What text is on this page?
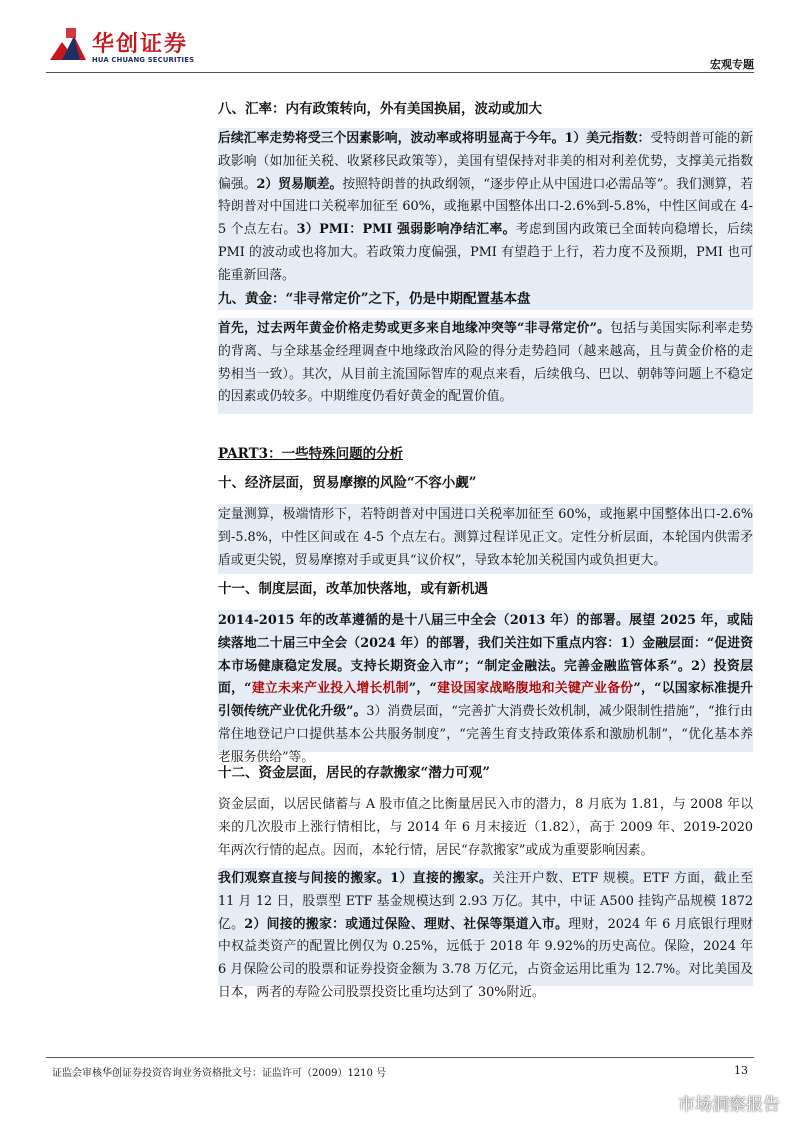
华创证券
HUA CHUANG SECURITIES	宏观专题
八、汇率：内有政策转向，外有美国换届，波动或加大

后续汇率走势将受三个因素影响，波动率或将明显高于今年。1）美元指数：受特朗普可能的新政影响（如加征关税、收紧移民政策等），美国有望保持对非美的相对利差优势，支撑美元指数偏强。2）贸易顺差。按照特朗普的执政纲领，“逐步停止从中国进口必需品等”。我们测算，若特朗普对中国进口关税率加征至 60%，或拖累中国整体出口-2.6%到-5.8%，中性区间或在 4-5 个点左右。3）PMI：PMI 强弱影响净结汇率。考虑到国内政策已全面转向稳增长，后续 PMI 的波动或也将加大。若政策力度偏强，PMI 有望趋于上行，若力度不及预期，PMI 也可能重新回落。

九、黄金：“非寻常定价”之下，仍是中期配置基本盘

首先，过去两年黄金价格走势或更多来自地缘冲突等“非寻常定价”。包括与美国实际利率走势的背离、与全球基金经理调查中地缘政治风险的得分走势趋同（越来越高，且与黄金价格的走势相当一致）。其次，从目前主流国际智库的观点来看，后续俄乌、巴以、朝韩等问题上不稳定的因素或仍较多。中期维度仍看好黄金的配置价值。

PART3：一些特殊问题的分析
十、经济层面，贸易摩擦的风险“不容小觑”

定量测算，极端情形下，若特朗普对中国进口关税率加征至 60%，或拖累中国整体出口-2.6%到-5.8%，中性区间或在 4-5 个点左右。测算过程详见正文。定性分析层面，本轮国内供需矛盾或更尖锐，贸易摩擦对手或更具“议价权”，导致本轮加关税国内或负担更大。

十一、制度层面，改革加快落地，或有新机遇

2014-2015 年的改革遵循的是十八届三中全会（2013 年）的部署。展望 2025 年，或陆续落地二十届三中全会（2024 年）的部署，我们关注如下重点内容：1）金融层面：“促进资本市场健康稳定发展。支持长期资金入市”；“制定金融法。完善金融监管体系”。2）投资层面，“建立未来产业投入增长机制”，“建设国家战略腹地和关键产业备份”，“以国家标准提升引领传统产业优化升级”。3）消费层面，“完善扩大消费长效机制，减少限制性措施”，“推行由常住地登记户口提供基本公共服务制度”，“完善生育支持政策体系和激励机制”，“优化基本养老服务供给”等。

十二、资金层面，居民的存款搬家“潜力可观”

资金层面，以居民储蓄与 A 股市值之比衡量居民入市的潜力，8 月底为 1.81，与 2008 年以来的几次股市上涨行情相比，与 2014 年 6 月末接近（1.82），高于 2009 年、2019-2020 年两次行情的起点。因而，本轮行情，居民“存款搬家”或成为重要影响因素。

我们观察直接与间接的搬家。1）直接的搬家。关注开户数、ETF 规模。ETF 方面，截止至 11 月 12 日，股票型 ETF 基金规模达到 2.93 万亿。其中，中证 A500 挂钩产品规模 1872 亿。2）间接的搬家：或通过保险、理财、社保等渠道入市。理财，2024 年 6 月底银行理财中权益类资产的配置比例仅为 0.25%，远低于 2018 年 9.92%的历史高位。保险，2024 年 6 月保险公司的股票和证券投资金额为 3.78 万亿元，占资金运用比重为 12.7%。对比美国及日本，两者的寿险公司股票投资比重均达到了 30%附近。

证监会审核华创证券投资咨询业务资格批文号：证监许可（2009）1210 号	13
市场洞察报告
